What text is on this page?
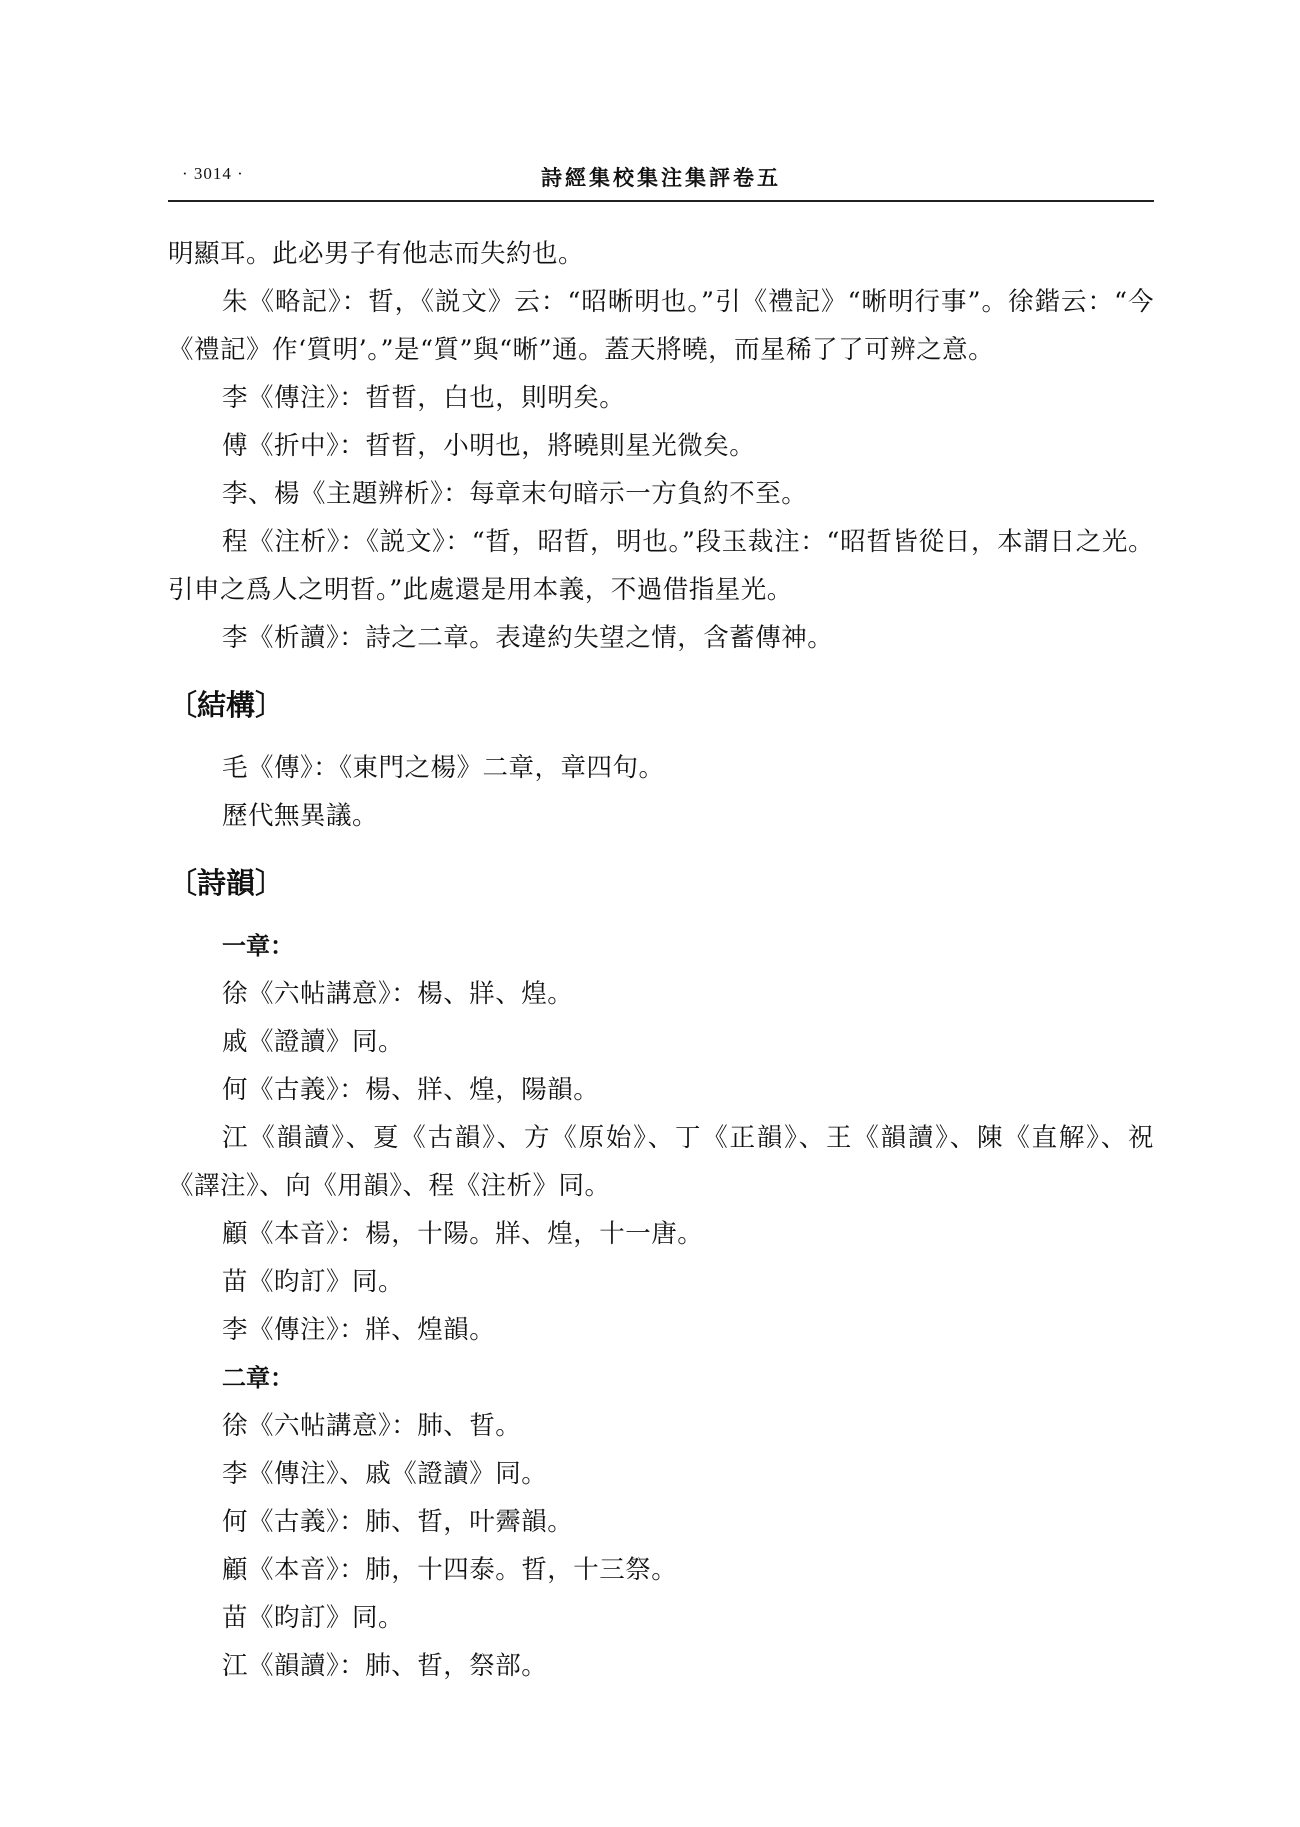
· 3014 ·	詩經集校集注集評卷五

明顯耳。此必男子有他志而失約也。

朱《略記》：晢，《説文》云：“昭晰明也。”引《禮記》“晰明行事”。徐鍇云：“今《禮記》作‘質明’。”是“質”與“晰”通。蓋天將曉，而星稀了了可辨之意。

李《傳注》：晢晢，白也，則明矣。

傅《折中》：晢晢，小明也，將曉則星光微矣。

李、楊《主題辨析》：每章末句暗示一方負約不至。

程《注析》：《説文》：“晢，昭晢，明也。”段玉裁注：“昭晢皆從日，本謂日之光。引申之爲人之明晢。”此處還是用本義，不過借指星光。

李《析讀》：詩之二章。表違約失望之情，含蓄傳神。

〔結構〕

毛《傳》：《東門之楊》二章，章四句。

歷代無異議。

〔詩韻〕

一章：

徐《六帖講意》：楊、牂、煌。

戚《證讀》同。

何《古義》：楊、牂、煌，陽韻。

江《韻讀》、夏《古韻》、方《原始》、丁《正韻》、王《韻讀》、陳《直解》、祝《譯注》、向《用韻》、程《注析》同。

顧《本音》：楊，十陽。牂、煌，十一唐。

苗《昀訂》同。

李《傳注》：牂、煌韻。

二章：

徐《六帖講意》：肺、晢。

李《傳注》、戚《證讀》同。

何《古義》：肺、晢，叶霽韻。

顧《本音》：肺，十四泰。晢，十三祭。

苗《昀訂》同。

江《韻讀》：肺、晢，祭部。
